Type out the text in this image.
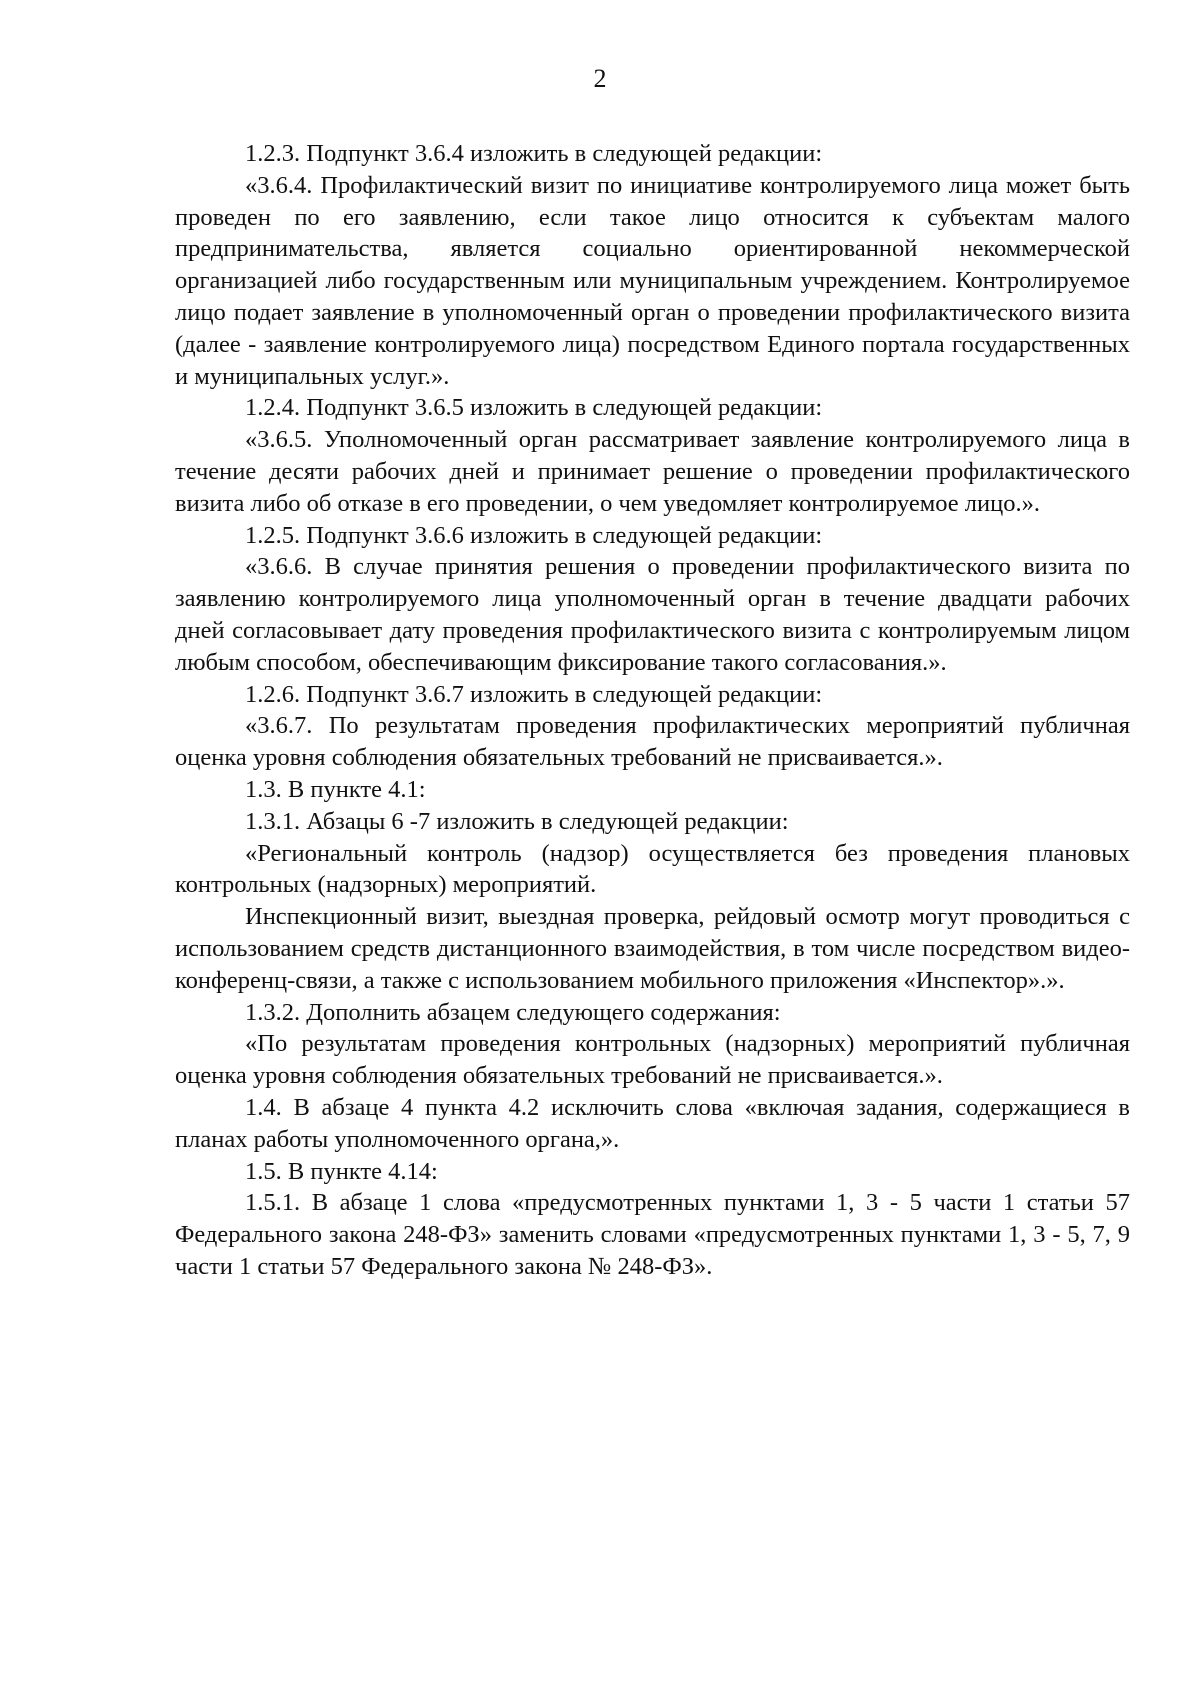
2

1.2.3. Подпункт 3.6.4 изложить в следующей редакции:

«3.6.4. Профилактический визит по инициативе контролируемого лица может быть проведен по его заявлению, если такое лицо относится к субъектам малого предпринимательства, является социально ориентированной некоммерческой организацией либо государственным или муниципальным учреждением. Контролируемое лицо подает заявление в уполномоченный орган о проведении профилактического визита (далее - заявление контролируемого лица) посредством Единого портала государственных и муниципальных услуг.».

1.2.4. Подпункт 3.6.5 изложить в следующей редакции:

«3.6.5. Уполномоченный орган рассматривает заявление контролируемого лица в течение десяти рабочих дней и принимает решение о проведении профилактического визита либо об отказе в его проведении, о чем уведомляет контролируемое лицо.».

1.2.5. Подпункт 3.6.6 изложить в следующей редакции:

«3.6.6. В случае принятия решения о проведении профилактического визита по заявлению контролируемого лица уполномоченный орган в течение двадцати рабочих дней согласовывает дату проведения профилактического визита с контролируемым лицом любым способом, обеспечивающим фиксирование такого согласования.».

1.2.6. Подпункт 3.6.7 изложить в следующей редакции:

«3.6.7. По результатам проведения профилактических мероприятий публичная оценка уровня соблюдения обязательных требований не присваивается.».

1.3. В пункте 4.1:

1.3.1. Абзацы 6 -7 изложить в следующей редакции:

«Региональный контроль (надзор) осуществляется без проведения плановых контрольных (надзорных) мероприятий.

Инспекционный визит, выездная проверка, рейдовый осмотр могут проводиться с использованием средств дистанционного взаимодействия, в том числе посредством видео-конференц-связи, а также с использованием мобильного приложения «Инспектор».».

1.3.2. Дополнить абзацем следующего содержания:

«По результатам проведения контрольных (надзорных) мероприятий публичная оценка уровня соблюдения обязательных требований не присваивается.».

1.4. В абзаце 4 пункта 4.2 исключить слова «включая задания, содержащиеся в планах работы уполномоченного органа,».

1.5. В пункте 4.14:

1.5.1. В абзаце 1 слова «предусмотренных пунктами 1, 3 - 5 части 1 статьи 57 Федерального закона 248-ФЗ» заменить словами «предусмотренных пунктами 1, 3 - 5, 7, 9 части 1 статьи 57 Федерального закона № 248-ФЗ».
